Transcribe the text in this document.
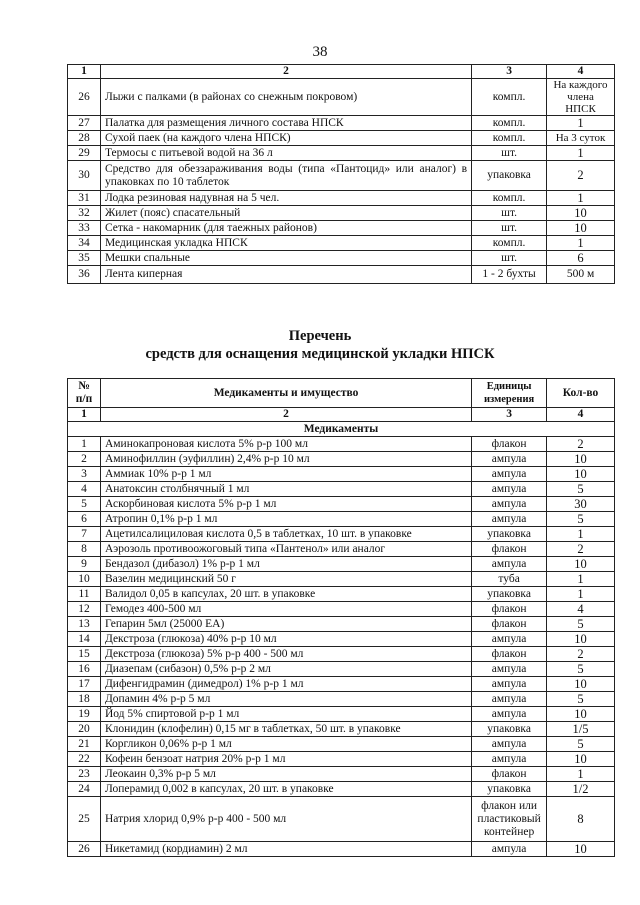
38
1	2	3	4
26	Лыжи с палками (в районах со снежным покровом)	компл.	На каждого члена НПСК
27	Палатка для размещения личного состава НПСК	компл.	1
28	Сухой паек (на каждого члена НПСК)	компл.	На 3 суток
29	Термосы с питьевой водой на 36 л	шт.	1
30	Средство для обеззараживания воды (типа «Пантоцид» или аналог) в упаковках по 10 таблеток	упаковка	2
31	Лодка резиновая надувная на 5 чел.	компл.	1
32	Жилет (пояс) спасательный	шт.	10
33	Сетка - накомарник (для таежных районов)	шт.	10
34	Медицинская укладка НПСК	компл.	1
35	Мешки спальные	шт.	6
36	Лента киперная	1 - 2 бухты	500 м
Перечень
средств для оснащения медицинской укладки НПСК
№ п/п	Медикаменты и имущество	Единицы измерения	Кол-во
1	2	3	4
Медикаменты			
1	Аминокапроновая кислота 5% р-р 100 мл	флакон	2
2	Аминофиллин (эуфиллин) 2,4% р-р 10 мл	ампула	10
3	Аммиак 10% р-р 1 мл	ампула	10
4	Анатоксин столбнячный 1 мл	ампула	5
5	Аскорбиновая кислота 5% р-р 1 мл	ампула	30
6	Атропин 0,1% р-р 1 мл	ампула	5
7	Ацетилсалициловая кислота 0,5 в таблетках, 10 шт. в упаковке	упаковка	1
8	Аэрозоль противоожоговый типа «Пантенол» или аналог	флакон	2
9	Бендазол (дибазол) 1% р-р 1 мл	ампула	10
10	Вазелин медицинский 50 г	туба	1
11	Валидол 0,05 в капсулах, 20 шт. в упаковке	упаковка	1
12	Гемодез 400-500 мл	флакон	4
13	Гепарин 5мл (25000 ЕА)	флакон	5
14	Декстроза (глюкоза) 40% р-р 10 мл	ампула	10
15	Декстроза (глюкоза) 5% р-р 400 - 500 мл	флакон	2
16	Диазепам (сибазон) 0,5% р-р 2 мл	ампула	5
17	Дифенгидрамин (димедрол) 1% р-р 1 мл	ампула	10
18	Допамин 4% р-р 5 мл	ампула	5
19	Йод 5% спиртовой р-р 1 мл	ампула	10
20	Клонидин (клофелин) 0,15 мг в таблетках, 50 шт. в упаковке	упаковка	1/5
21	Коргликон 0,06% р-р 1 мл	ампула	5
22	Кофеин бензоат натрия 20% р-р 1 мл	ампула	10
23	Леокаин 0,3% р-р 5 мл	флакон	1
24	Лоперамид 0,002 в капсулах, 20 шт. в упаковке	упаковка	1/2
25	Натрия хлорид 0,9% р-р 400 - 500 мл	флакон или пластиковый контейнер	8
26	Никетамид (кордиамин) 2 мл	ампула	10
